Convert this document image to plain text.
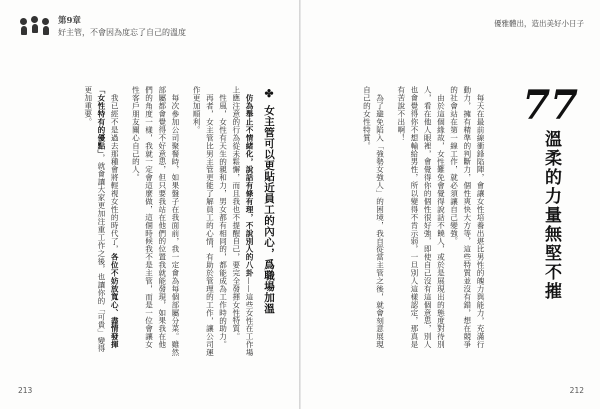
第9章
好主管，不會因為度忘了自己的溫度
✤ 女主管可以更貼近員工的內心，爲職場加溫

仿為舉止不情緒化，說話有條有理，不說別人的八卦——這些女性在工作場上應注意的行為從未鬆懈，而且我也不提醒自己，要完全發揮女性特質。

性風，女性有天生的親和力，男女都有相同的，都能成為工作時的助力。

再者，女主管比男主管更能了解員工的心情，有助於管理的工作，讓公司運作更加順利。

每次參加公司聚餐時，如果盤子在我面前，我一定會為每個部屬分菜。雖然部屬都會覺得不好意思，但只要我站在他們的位置我就能發現，如果我在他們的角度一樣，我就一定會這麼做，這個時候我不是主管，而是一位會讓女性客戶朋友關心自己的人。

我已經不是過去那種會將輕視女性的時代了，各位不妨放寬心、盡情發揮「女性特有的優點」，就會讓大家更加注重工作之後，也讓你的「可貴」變得更加重要。

213
優雅體出，造出美好小日子
77
溫柔的力量無堅不摧

每天在最前線衝鋒陷陣，會讓女性培養出堪比男性的魄力與能力，充滿行動力，擁有精準的判斷力，個性爽快大方等，這些特質並沒有錯，想在競爭的社會站在第一線工作，就必須讓自己變強。

由於這個緣故，女性難免會覺得說話不饒人，或於是展現出的態度對待別人，看在他人眼裡，會覺得你的個性很好強，即使自己沒有這個意思，別人也會覺得你不想輸給男性，所以變得不肯示弱，一旦別人這樣認定，那真是有苦說不出啊！

為了避免陷入「強勢女強人」的困境，我自從當主管之後，就會刻意展現自己的女性特質。

212
